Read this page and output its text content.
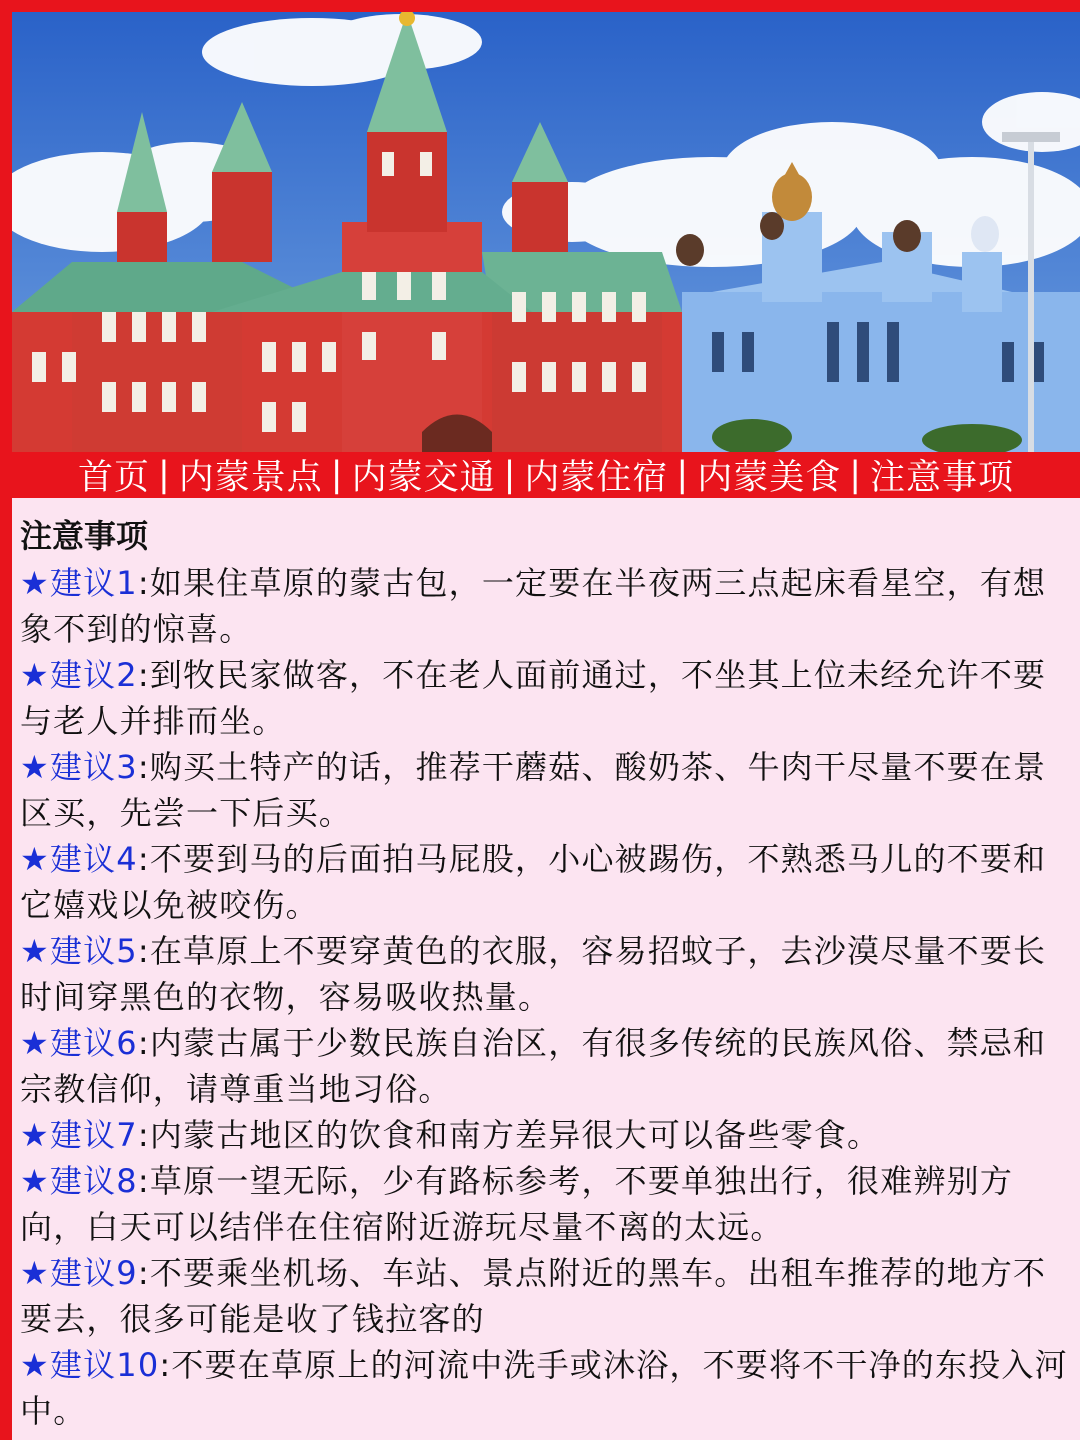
首页 | 内蒙景点 | 内蒙交通 | 内蒙住宿 | 内蒙美食 | 注意事项
注意事项

★建议1:如果住草原的蒙古包，一定要在半夜两三点起床看星空，有想象不到的惊喜。

★建议2:到牧民家做客，不在老人面前通过，不坐其上位未经允许不要与老人并排而坐。

★建议3:购买土特产的话，推荐干蘑菇、酸奶茶、牛肉干尽量不要在景区买，先尝一下后买。

★建议4:不要到马的后面拍马屁股，小心被踢伤，不熟悉马儿的不要和它嬉戏以免被咬伤。

★建议5:在草原上不要穿黄色的衣服，容易招蚊子，去沙漠尽量不要长时间穿黑色的衣物，容易吸收热量。

★建议6:内蒙古属于少数民族自治区，有很多传统的民族风俗、禁忌和宗教信仰，请尊重当地习俗。

★建议7:内蒙古地区的饮食和南方差异很大可以备些零食。

★建议8:草原一望无际，少有路标参考，不要单独出行，很难辨别方向，白天可以结伴在住宿附近游玩尽量不离的太远。

★建议9:不要乘坐机场、车站、景点附近的黑车。出租车推荐的地方不要去，很多可能是收了钱拉客的

★建议10:不要在草原上的河流中洗手或沐浴，不要将不干净的东投入河中。
